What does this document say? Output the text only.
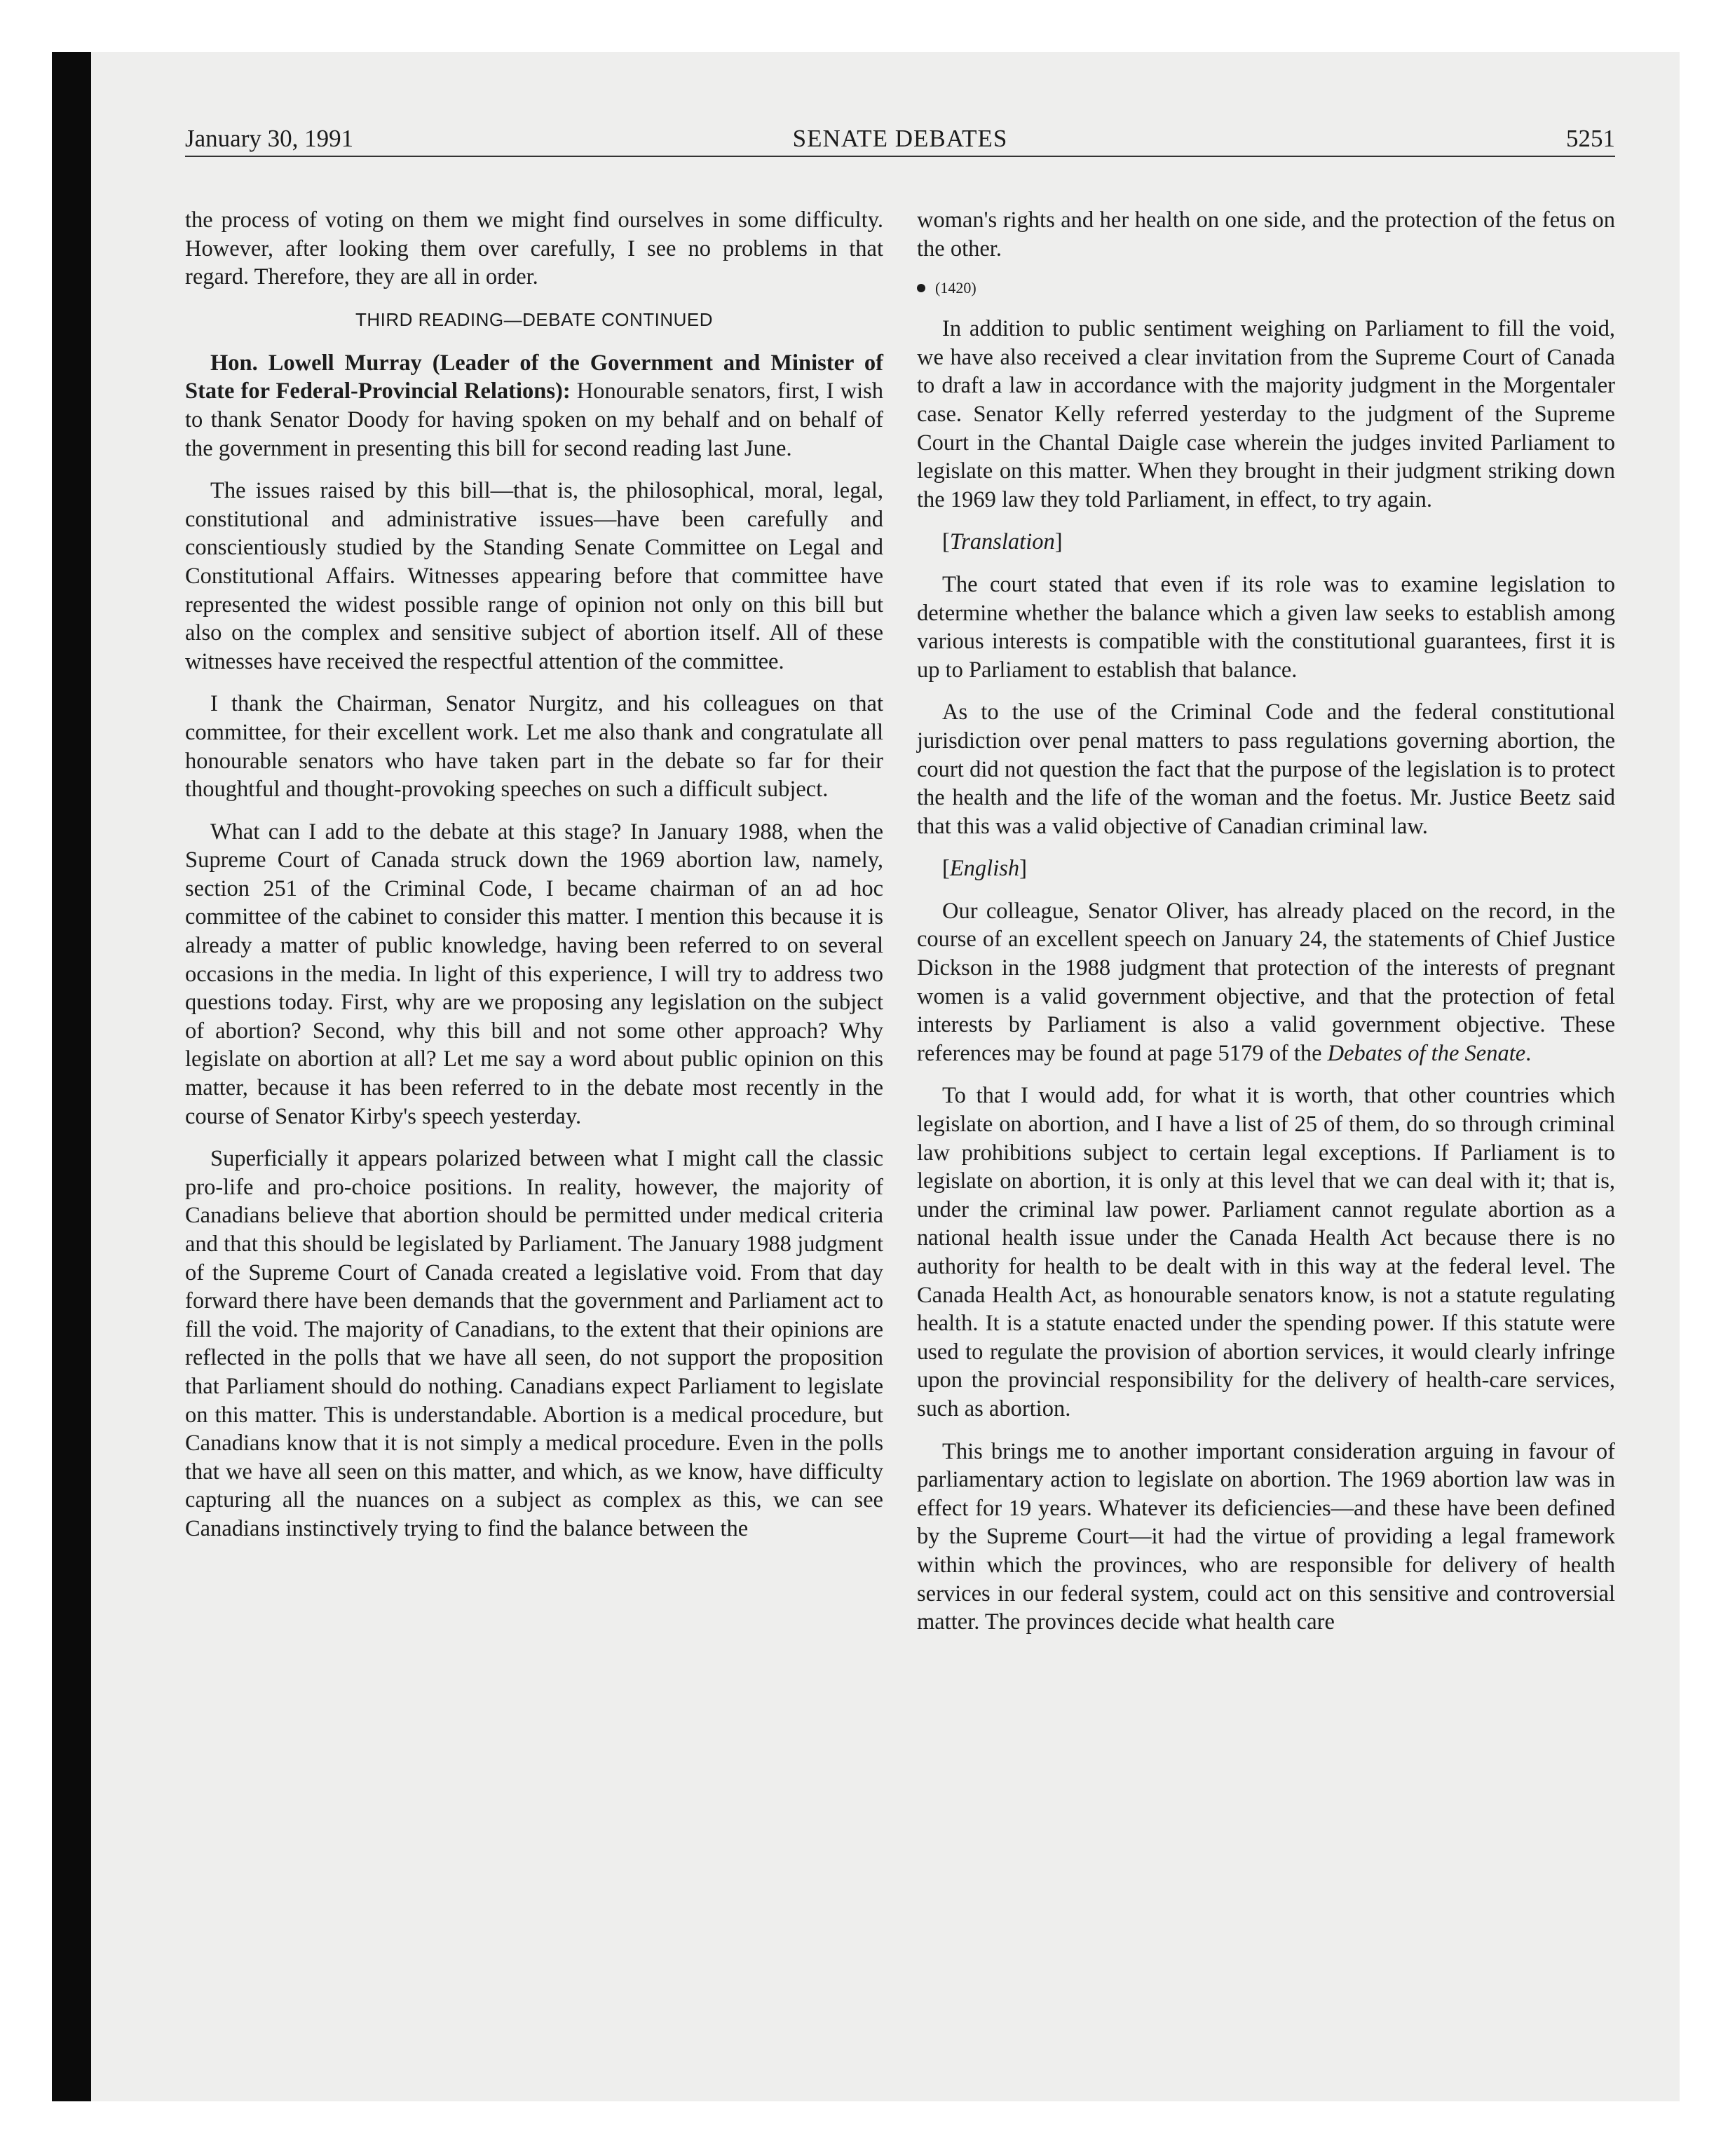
January 30, 1991	SENATE DEBATES	5251

the process of voting on them we might find ourselves in some difficulty. However, after looking them over carefully, I see no problems in that regard. Therefore, they are all in order.

THIRD READING—DEBATE CONTINUED

Hon. Lowell Murray (Leader of the Government and Minister of State for Federal-Provincial Relations): Honourable senators, first, I wish to thank Senator Doody for having spoken on my behalf and on behalf of the government in presenting this bill for second reading last June.

The issues raised by this bill—that is, the philosophical, moral, legal, constitutional and administrative issues—have been carefully and conscientiously studied by the Standing Senate Committee on Legal and Constitutional Affairs. Witnesses appearing before that committee have represented the widest possible range of opinion not only on this bill but also on the complex and sensitive subject of abortion itself. All of these witnesses have received the respectful attention of the committee.

I thank the Chairman, Senator Nurgitz, and his colleagues on that committee, for their excellent work. Let me also thank and congratulate all honourable senators who have taken part in the debate so far for their thoughtful and thought-provoking speeches on such a difficult subject.

What can I add to the debate at this stage? In January 1988, when the Supreme Court of Canada struck down the 1969 abortion law, namely, section 251 of the Criminal Code, I became chairman of an ad hoc committee of the cabinet to consider this matter. I mention this because it is already a matter of public knowledge, having been referred to on several occasions in the media. In light of this experience, I will try to address two questions today. First, why are we proposing any legislation on the subject of abortion? Second, why this bill and not some other approach? Why legislate on abortion at all? Let me say a word about public opinion on this matter, because it has been referred to in the debate most recently in the course of Senator Kirby's speech yesterday.

Superficially it appears polarized between what I might call the classic pro-life and pro-choice positions. In reality, however, the majority of Canadians believe that abortion should be permitted under medical criteria and that this should be legislated by Parliament. The January 1988 judgment of the Supreme Court of Canada created a legislative void. From that day forward there have been demands that the government and Parliament act to fill the void. The majority of Canadians, to the extent that their opinions are reflected in the polls that we have all seen, do not support the proposition that Parliament should do nothing. Canadians expect Parliament to legislate on this matter. This is understandable. Abortion is a medical procedure, but Canadians know that it is not simply a medical procedure. Even in the polls that we have all seen on this matter, and which, as we know, have difficulty capturing all the nuances on a subject as complex as this, we can see Canadians instinctively trying to find the balance between the

woman's rights and her health on one side, and the protection of the fetus on the other.

(1420)

In addition to public sentiment weighing on Parliament to fill the void, we have also received a clear invitation from the Supreme Court of Canada to draft a law in accordance with the majority judgment in the Morgentaler case. Senator Kelly referred yesterday to the judgment of the Supreme Court in the Chantal Daigle case wherein the judges invited Parliament to legislate on this matter. When they brought in their judgment striking down the 1969 law they told Parliament, in effect, to try again.

[Translation]

The court stated that even if its role was to examine legislation to determine whether the balance which a given law seeks to establish among various interests is compatible with the constitutional guarantees, first it is up to Parliament to establish that balance.

As to the use of the Criminal Code and the federal constitutional jurisdiction over penal matters to pass regulations governing abortion, the court did not question the fact that the purpose of the legislation is to protect the health and the life of the woman and the foetus. Mr. Justice Beetz said that this was a valid objective of Canadian criminal law.

[English]

Our colleague, Senator Oliver, has already placed on the record, in the course of an excellent speech on January 24, the statements of Chief Justice Dickson in the 1988 judgment that protection of the interests of pregnant women is a valid government objective, and that the protection of fetal interests by Parliament is also a valid government objective. These references may be found at page 5179 of the Debates of the Senate.

To that I would add, for what it is worth, that other countries which legislate on abortion, and I have a list of 25 of them, do so through criminal law prohibitions subject to certain legal exceptions. If Parliament is to legislate on abortion, it is only at this level that we can deal with it; that is, under the criminal law power. Parliament cannot regulate abortion as a national health issue under the Canada Health Act because there is no authority for health to be dealt with in this way at the federal level. The Canada Health Act, as honourable senators know, is not a statute regulating health. It is a statute enacted under the spending power. If this statute were used to regulate the provision of abortion services, it would clearly infringe upon the provincial responsibility for the delivery of health-care services, such as abortion.

This brings me to another important consideration arguing in favour of parliamentary action to legislate on abortion. The 1969 abortion law was in effect for 19 years. Whatever its deficiencies—and these have been defined by the Supreme Court—it had the virtue of providing a legal framework within which the provinces, who are responsible for delivery of health services in our federal system, could act on this sensitive and controversial matter. The provinces decide what health care
